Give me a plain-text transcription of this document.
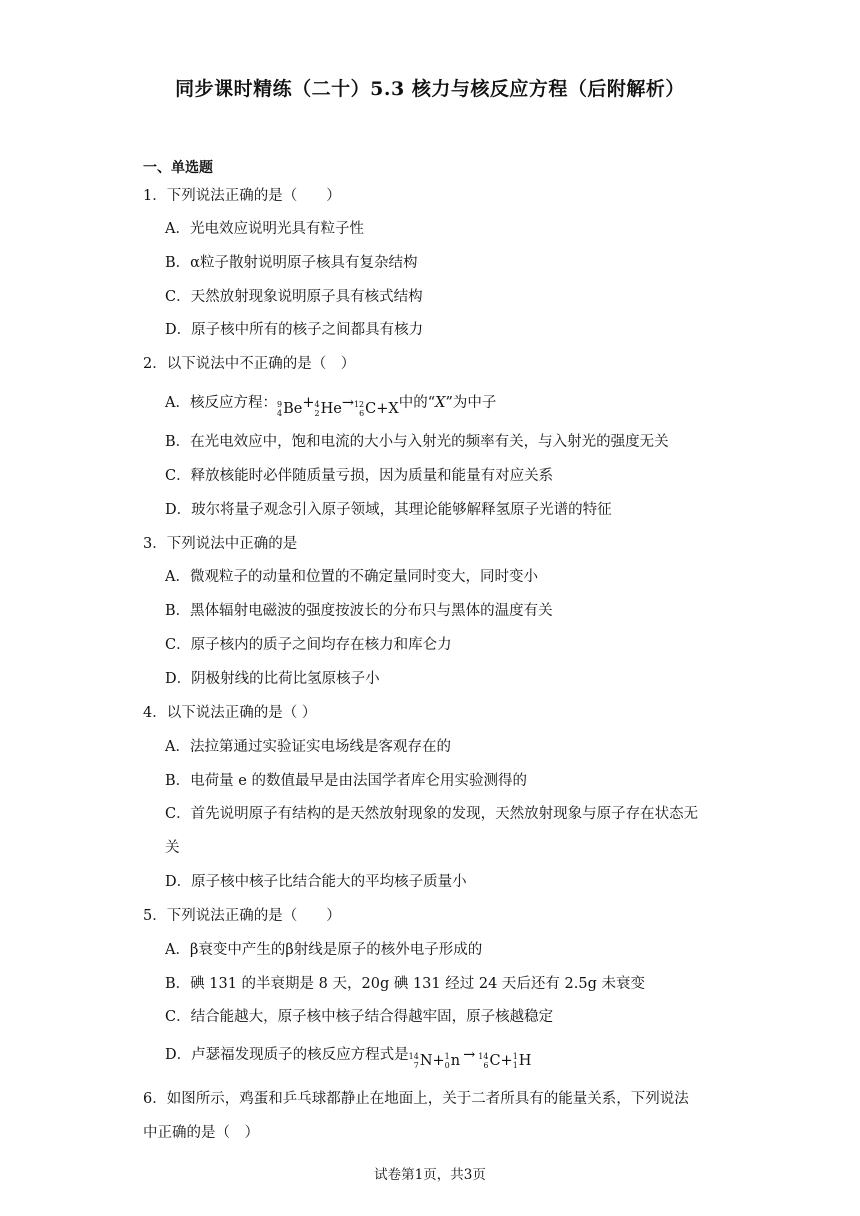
同步课时精练（二十）5.3 核力与核反应方程（后附解析）
一、单选题
1．下列说法正确的是（　　）
A．光电效应说明光具有粒子性
B．α粒子散射说明原子核具有复杂结构
C．天然放射现象说明原子具有核式结构
D．原子核中所有的核子之间都具有核力
2．以下说法中不正确的是（　）
A．核反应方程： 9
4 Be + 4
2 He → 12
6 C+X 中的“X”为中子
B．在光电效应中，饱和电流的大小与入射光的频率有关，与入射光的强度无关
C．释放核能时必伴随质量亏损，因为质量和能量有对应关系
D．玻尔将量子观念引入原子领域，其理论能够解释氢原子光谱的特征
3．下列说法中正确的是
A．微观粒子的动量和位置的不确定量同时变大，同时变小
B．黑体辐射电磁波的强度按波长的分布只与黑体的温度有关
C．原子核内的质子之间均存在核力和库仑力
D．阴极射线的比荷比氢原核子小
4．以下说法正确的是（ ）
A．法拉第通过实验证实电场线是客观存在的
B．电荷量 e 的数值最早是由法国学者库仑用实验测得的
C．首先说明原子有结构的是天然放射现象的发现，天然放射现象与原子存在状态无
关
D．原子核中核子比结合能大的平均核子质量小
5．下列说法正确的是（　　）
A．β衰变中产生的β射线是原子的核外电子形成的
B．碘 131 的半衰期是 8 天，20g 碘 131 经过 24 天后还有 2.5g 未衰变
C．结合能越大，原子核中核子结合得越牢固，原子核越稳定
D．卢瑟福发现质子的核反应方程式是 14
7 N+ 1
0 n → 14
6 C+ 1
1 H
6．如图所示，鸡蛋和乒乓球都静止在地面上，关于二者所具有的能量关系，下列说法
中正确的是（　）
试卷第1页，共3页
